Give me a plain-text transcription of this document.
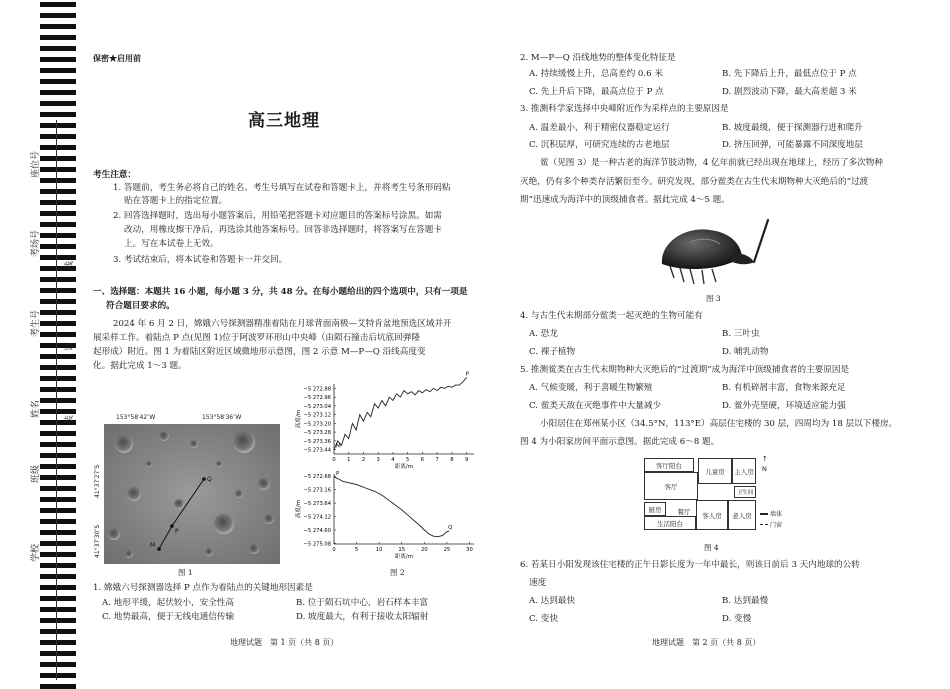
座位号
考场号
考生号
姓名
班级
学校
线
订
装
保密★启用前
高三地理
考生注意：
1. 答题前，考生务必将自己的姓名、考生号填写在试卷和答题卡上，并将考生号条形码粘
贴在答题卡上的指定位置。
2. 回答选择题时，选出每小题答案后，用铅笔把答题卡对应题目的答案标号涂黑。如需
改动，用橡皮擦干净后，再选涂其他答案标号。回答非选择题时，将答案写在答题卡
上。写在本试卷上无效。
3. 考试结束后，将本试卷和答题卡一并交回。
一、选择题：本题共 16 小题，每小题 3 分，共 48 分。在每小题给出的四个选项中，只有一项是
符合题目要求的。
2024 年 6 月 2 日，嫦娥六号探测器精准着陆在月球背面南极—艾特肯盆地预选区域并开
展采样工作。着陆点 P 点(见图 1)位于阿波罗环形山中央峰（由陨石撞击后坑底回弹隆
起形成）附近。图 1 为着陆区附近区域微地形示意图，图 2 示意 M—P—Q 沿线高度变
化。据此完成 1～3 题。
153°58′42″W	153°58′36″W
41°37′27″S
41°37′30″S	M
P
Q
图 1
−5 272.88
−5 272.96
−5 273.04
−5 273.12
−5 273.20
−5 273.28
−5 273.36
−5 273.44
0 1 2 3 4 5 6 7 8 9
距离/m
高度/m
M
P
−5 272.68
−5 273.16
−5 273.64
−5 274.12
−5 274.60
−5 275.08
0	5	10	15	20	25	30
距离/m
高度/m
P
Q
图 2
1. 嫦娥六号探测器选择 P 点作为着陆点的关键地形因素是
A. 地形平缓，起伏较小，安全性高	B. 位于陨石坑中心，岩石样本丰富
C. 地势最高，便于无线电通信传输	D. 坡度最大，有利于接收太阳辐射
地理试题　第 1 页（共 8 页）
2. M—P—Q 沿线地势的整体变化特征是
A. 持续缓慢上升，总高差约 0.6 米	B. 先下降后上升，最低点位于 P 点
C. 先上升后下降，最高点位于 P 点	D. 剧烈波动下降，最大高差超 3 米
3. 推测科学家选择中央峰附近作为采样点的主要原因是
A. 温差最小，利于精密仪器稳定运行	B. 坡度最缓，便于探测器行进和爬升
C. 沉积层厚，可研究连续的古老地层	D. 挤压回弹，可能暴露不同深度地层
鲎（见图 3）是一种古老的海洋节肢动物，4 亿年前就已经出现在地球上，经历了多次物种
灭绝，仍有多个种类存活繁衍至今。研究发现，部分鲎类在古生代末期物种大灭绝后的“过渡
期”迅速成为海洋中的顶级捕食者。据此完成 4～5 题。
图 3
4. 与古生代末期部分鲎类一起灭绝的生物可能有
A. 恐龙	B. 三叶虫
C. 裸子植物	D. 哺乳动物
5. 推测鲎类在古生代末期物种大灭绝后的“过渡期”成为海洋中顶级捕食者的主要原因是
A. 气候变暖，利于喜暖生物繁殖	B. 有机碎屑丰富，食物来源充足
C. 鲎类天敌在灭绝事件中大量减少	D. 鲎外壳坚硬，环境适应能力强
小阳居住在郑州某小区（34.5°N，113°E）高层住宅楼的 30 层，四周均为 18 层以下楼房。
图 4 为小阳家房间平面示意图。据此完成 6～8 题。
客厅阳台
儿童房	主人房
客厅
卫生间
餐厅
厨房
客人房	老人房
生活阳台
↑
N
墙体
门窗
图 4
6. 若某日小阳发现该住宅楼的正午日影长度为一年中最长，则该日前后 3 天内地球的公转
速度
A. 达到最快	B. 达到最慢
C. 变快	D. 变慢
地理试题　第 2 页（共 8 页）
